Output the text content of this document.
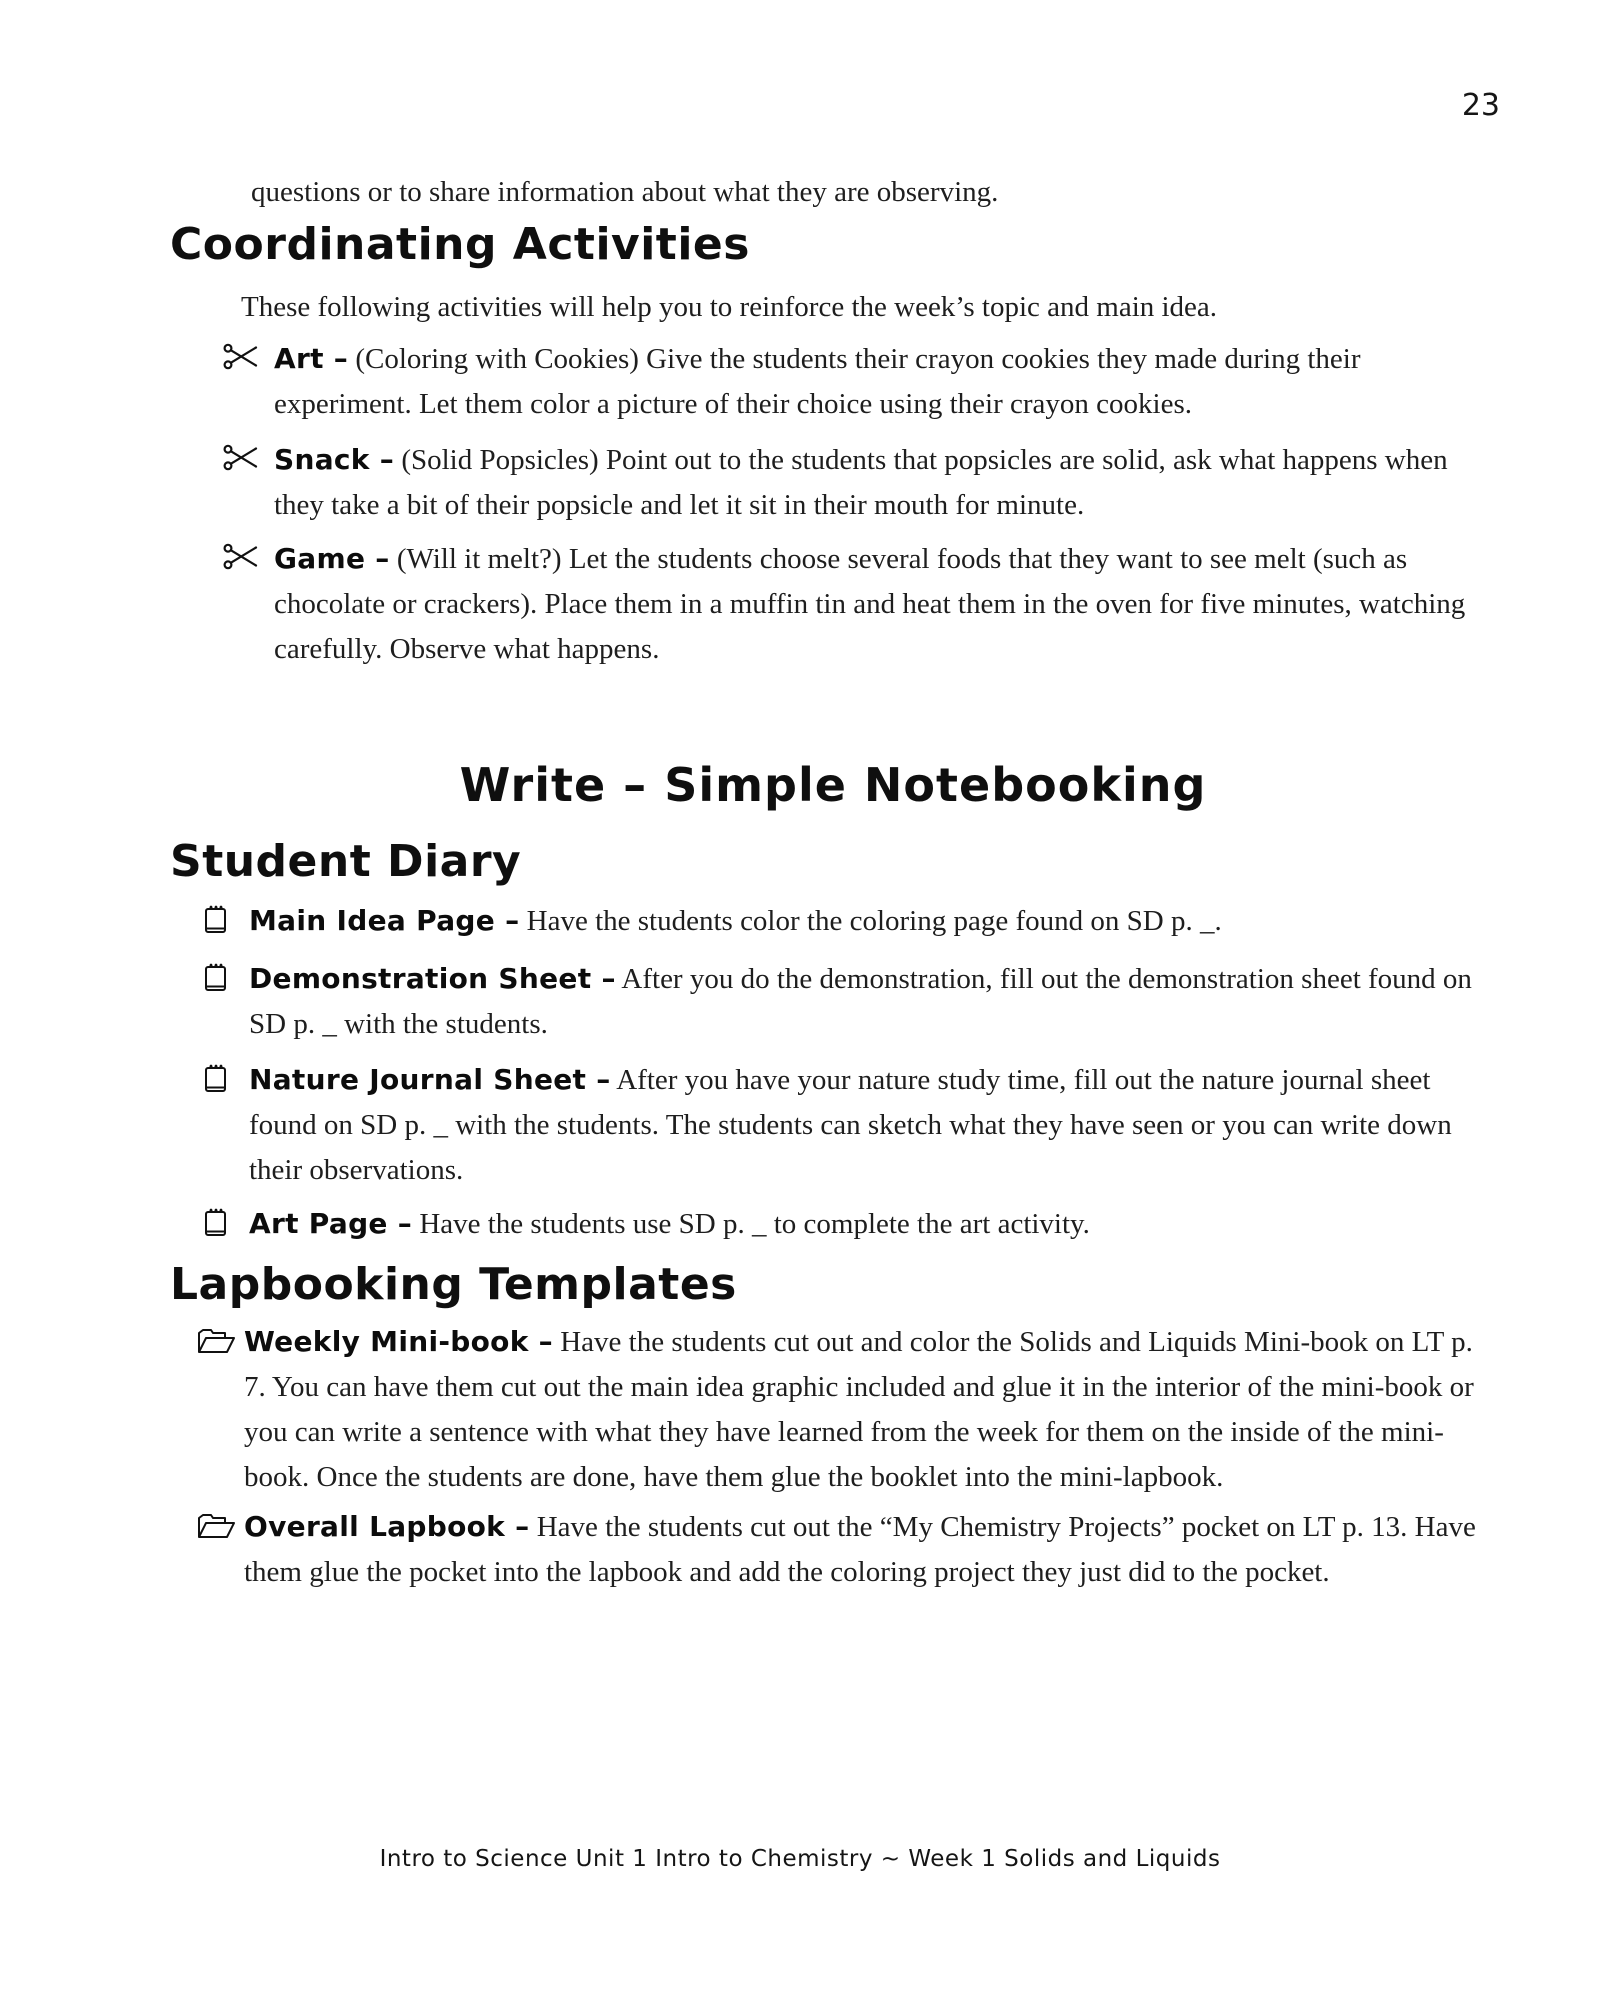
23

questions or to share information about what they are observing.

Coordinating Activities

These following activities will help you to reinforce the week’s topic and main idea.

Art – (Coloring with Cookies) Give the students their crayon cookies they made during their experiment. Let them color a picture of their choice using their crayon cookies.
Snack – (Solid Popsicles) Point out to the students that popsicles are solid, ask what happens when they take a bit of their popsicle and let it sit in their mouth for minute.
Game – (Will it melt?) Let the students choose several foods that they want to see melt (such as chocolate or crackers). Place them in a muffin tin and heat them in the oven for five minutes, watching carefully. Observe what happens.
Write – Simple Notebooking
Student Diary
Main Idea Page – Have the students color the coloring page found on SD p. _.
Demonstration Sheet – After you do the demonstration, fill out the demonstration sheet found on SD p. _ with the students.
Nature Journal Sheet – After you have your nature study time, fill out the nature journal sheet found on SD p. _ with the students. The students can sketch what they have seen or you can write down their observations.
Art Page – Have the students use SD p. _ to complete the art activity.
Lapbooking Templates
Weekly Mini-book – Have the students cut out and color the Solids and Liquids Mini-book on LT p. 7. You can have them cut out the main idea graphic included and glue it in the interior of the mini-book or you can write a sentence with what they have learned from the week for them on the inside of the mini-book. Once the students are done, have them glue the booklet into the mini-lapbook.
Overall Lapbook – Have the students cut out the “My Chemistry Projects” pocket on LT p. 13. Have them glue the pocket into the lapbook and add the coloring project they just did to the pocket.
Intro to Science Unit 1 Intro to Chemistry ~ Week 1 Solids and Liquids
